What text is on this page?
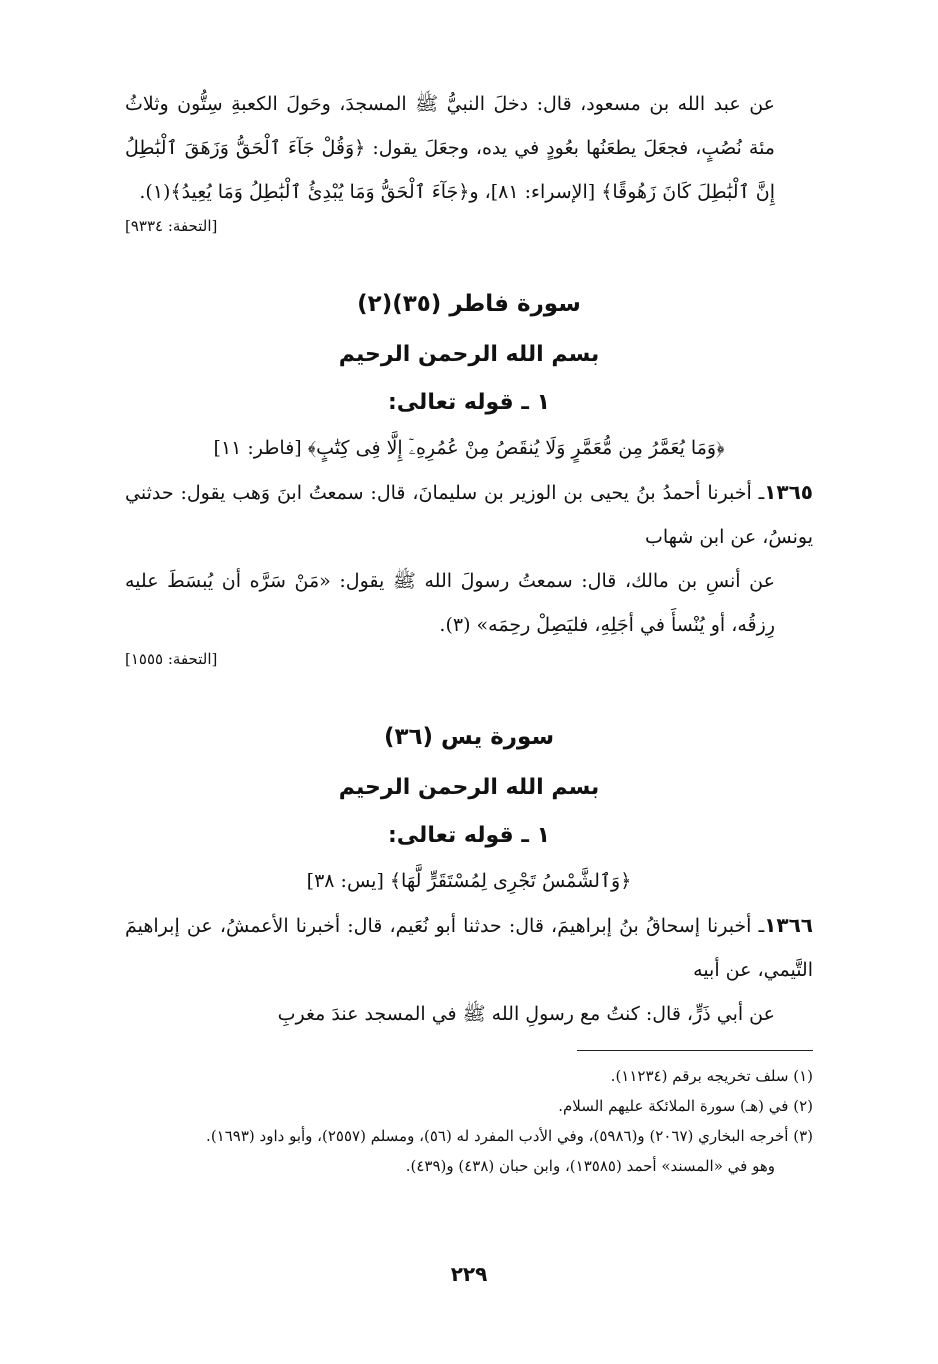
عن عبد الله بن مسعود، قال: دخلَ النبيُّ ﷺ المسجدَ، وحَولَ الكعبةِ سِتُّون وثلاثُ مئة نُصُبٍ، فجعَلَ يطعَنُها بعُودٍ في يده، وجعَلَ يقول: ﴿وَقُلْ جَآءَ ٱلْحَقُّ وَزَهَقَ ٱلْبَٰطِلُ إِنَّ ٱلْبَٰطِلَ كَانَ زَهُوقًا﴾ [الإسراء: ٨١]، و﴿جَآءَ ٱلْحَقُّ وَمَا يُبْدِئُ ٱلْبَٰطِلُ وَمَا يُعِيدُ﴾(١).

[التحفة: ٩٣٣٤]

سورة فاطر (٣٥)(٢)

بسم الله الرحمن الرحيم

١ ـ قوله تعالى:

﴿وَمَا يُعَمَّرُ مِن مُّعَمَّرٍ وَلَا يُنقَصُ مِنْ عُمُرِهِۦٓ إِلَّا فِى كِتَٰبٍ﴾ [فاطر: ١١]

١٣٦٥ـ أخبرنا أحمدُ بنُ يحيى بن الوزير بن سليمانَ، قال: سمعتُ ابنَ وَهب يقول: حدثني يونسُ، عن ابن شهاب

عن أنسِ بن مالك، قال: سمعتُ رسولَ الله ﷺ يقول: «مَنْ سَرَّه أن يُبسَطَ عليه رِزقُه، أو يُنْسأَ في أجَلِهِ، فليَصِلْ رحِمَه» (٣).

[التحفة: ١٥٥٥]

سورة يس (٣٦)

بسم الله الرحمن الرحيم

١ ـ قوله تعالى:

﴿وَٱلشَّمْسُ تَجْرِى لِمُسْتَقَرٍّ لَّهَا﴾ [يس: ٣٨]

١٣٦٦ـ أخبرنا إسحاقُ بنُ إبراهيمَ، قال: حدثنا أبو نُعَيم، قال: أخبرنا الأعمشُ، عن إبراهيمَ التَّيمي، عن أبيه

عن أبي ذَرٍّ، قال: كنتُ مع رسولِ الله ﷺ في المسجد عندَ مغربِ

(١) سلف تخريجه برقم (١١٢٣٤).

(٢) في (هـ) سورة الملائكة عليهم السلام.

(٣) أخرجه البخاري (٢٠٦٧) و(٥٩٨٦)، وفي الأدب المفرد له (٥٦)، ومسلم (٢٥٥٧)، وأبو داود (١٦٩٣).

وهو في «المسند» أحمد (١٣٥٨٥)، وابن حبان (٤٣٨) و(٤٣٩).

٢٢٩
